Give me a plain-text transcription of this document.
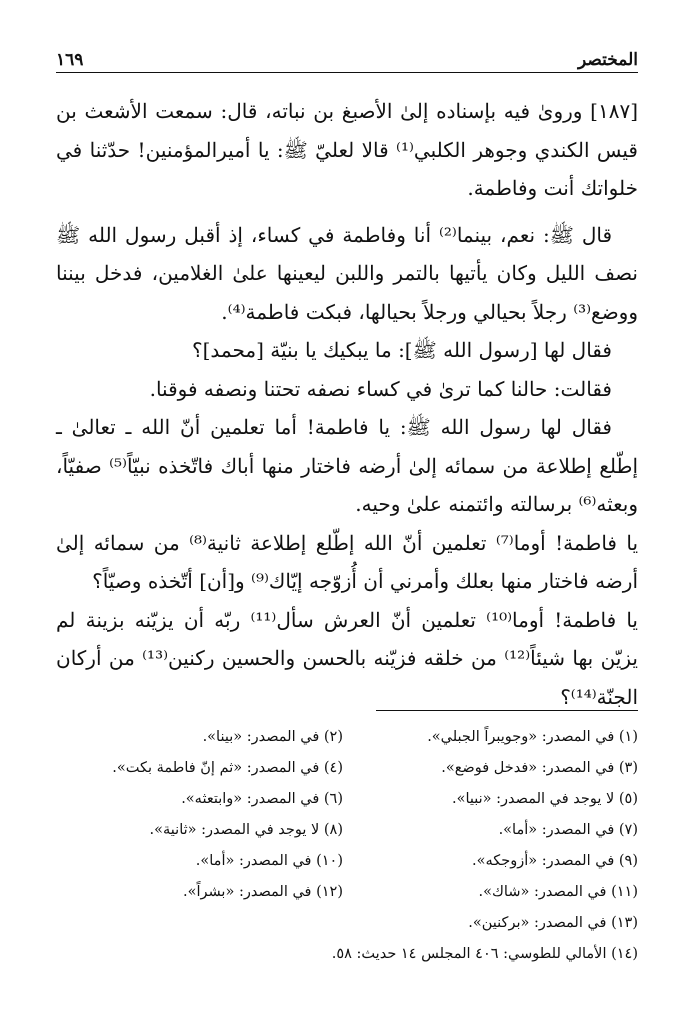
المختصر
١٦٩

[١٨٧] وروىٰ فيه بإسناده إلىٰ الأصبغ بن نباته، قال: سمعت الأشعث بن قيس الكندي وجوهر الكلبي⁽¹⁾ قالا لعليّ ﷺ: يا أميرالمؤمنين! حدّثنا في خلواتك أنت وفاطمة.

قال ﷺ: نعم، بينما⁽²⁾ أنا وفاطمة في كساء، إذ أقبل رسول الله ﷺ نصف الليل وكان يأتيها بالتمر واللبن ليعينها علىٰ الغلامين، فدخل بيننا ووضع⁽³⁾ رجلاً بحيالي ورجلاً بحيالها، فبكت فاطمة⁽⁴⁾.

فقال لها [رسول الله ﷺ]: ما يبكيك يا بنيّة [محمد]؟

فقالت: حالنا كما ترىٰ في كساء نصفه تحتنا ونصفه فوقنا.

فقال لها رسول الله ﷺ: يا فاطمة! أما تعلمين أنّ الله ـ تعالىٰ ـ إطّلع إطلاعة من سمائه إلىٰ أرضه فاختار منها أباك فاتّخذه نبيّاً⁽⁵⁾ صفيّاً، وبعثه⁽⁶⁾ برسالته وائتمنه علىٰ وحيه.

يا فاطمة! أوما⁽⁷⁾ تعلمين أنّ الله إطّلع إطلاعة ثانية⁽⁸⁾ من سمائه إلىٰ أرضه فاختار منها بعلك وأمرني أن أُزوّجه إيّاك⁽⁹⁾ و[أن] أتّخذه وصيّاً؟

يا فاطمة! أوما⁽¹⁰⁾ تعلمين أنّ العرش سأل⁽¹¹⁾ ربّه أن يزيّنه بزينة لم يزيّن بها شيئاً⁽¹²⁾ من خلقه فزيّنه بالحسن والحسين ركنين⁽¹³⁾ من أركان الجنّة⁽¹⁴⁾؟

(١) في المصدر: «وجويبراً الجبلي».
(٢) في المصدر: «بينا».
(٣) في المصدر: «فدخل فوضع».
(٤) في المصدر: «ثم إنّ فاطمة بكت».
(٥) لا يوجد في المصدر: «نبيا».
(٦) في المصدر: «وابتعثه».
(٧) في المصدر: «أما».
(٨) لا يوجد في المصدر: «ثانية».
(٩) في المصدر: «أزوجكه».
(١٠) في المصدر: «أما».
(١١) في المصدر: «شاك».
(١٢) في المصدر: «بشراً».
(١٣) في المصدر: «بركنين».
(١٤) الأمالي للطوسي: ٤٠٦ المجلس ١٤ حديث: ٥٨.
